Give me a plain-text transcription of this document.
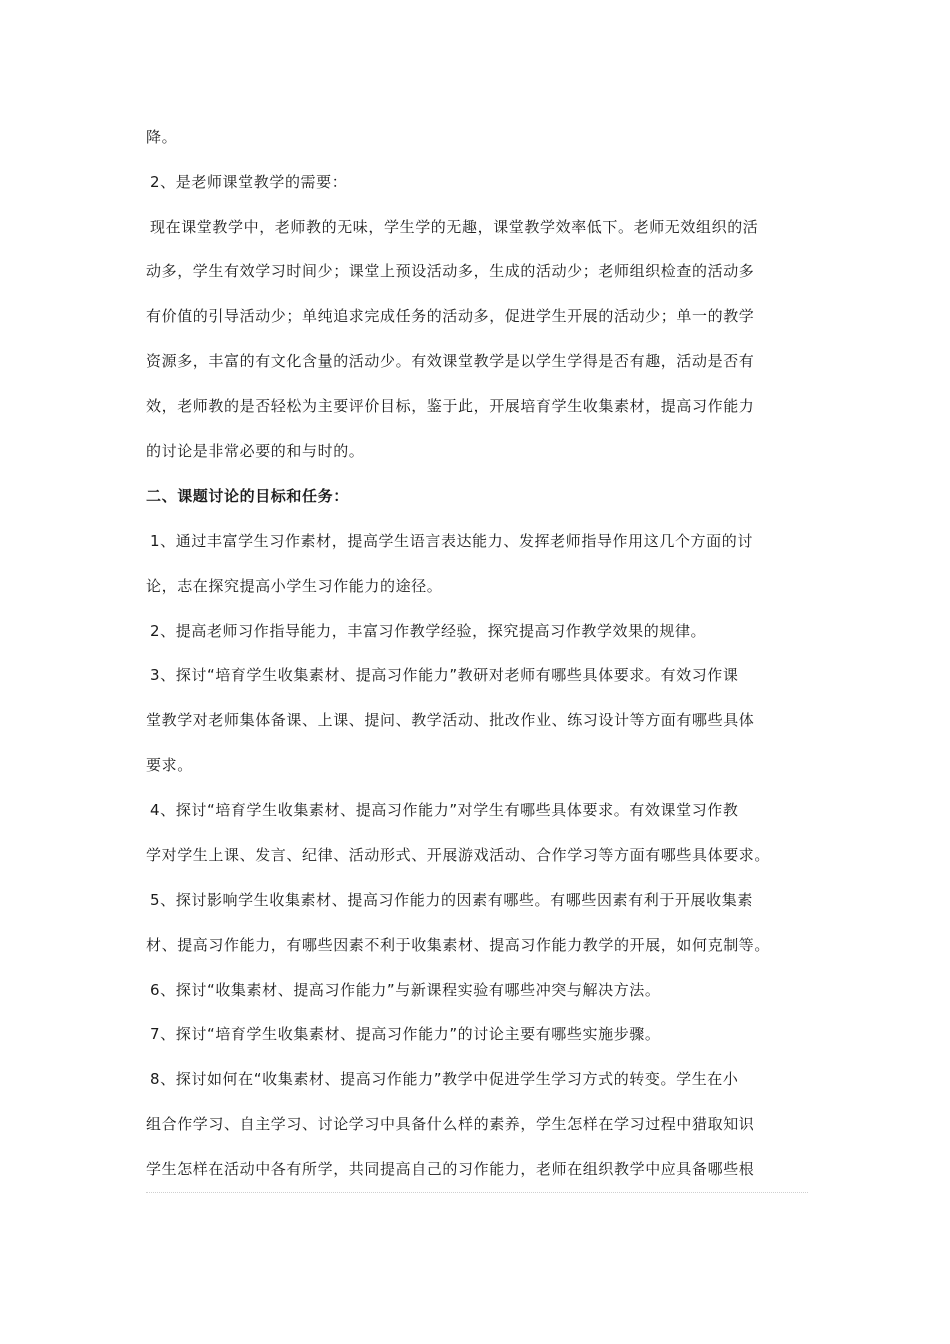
降。
2、是老师课堂教学的需要：
现在课堂教学中，老师教的无味，学生学的无趣，课堂教学效率低下。老师无效组织的活
动多，学生有效学习时间少；课堂上预设活动多，生成的活动少；老师组织检查的活动多
有价值的引导活动少；单纯追求完成任务的活动多，促进学生开展的活动少；单一的教学
资源多，丰富的有文化含量的活动少。有效课堂教学是以学生学得是否有趣，活动是否有
效，老师教的是否轻松为主要评价目标，鉴于此，开展培育学生收集素材，提高习作能力
的讨论是非常必要的和与时的。
二、课题讨论的目标和任务：
1、通过丰富学生习作素材，提高学生语言表达能力、发挥老师指导作用这几个方面的讨
论，志在探究提高小学生习作能力的途径。
2、提高老师习作指导能力，丰富习作教学经验，探究提高习作教学效果的规律。
3、探讨“培育学生收集素材、提高习作能力”教研对老师有哪些具体要求。有效习作课
堂教学对老师集体备课、上课、提问、教学活动、批改作业、练习设计等方面有哪些具体
要求。
4、探讨“培育学生收集素材、提高习作能力”对学生有哪些具体要求。有效课堂习作教
学对学生上课、发言、纪律、活动形式、开展游戏活动、合作学习等方面有哪些具体要求。
5、探讨影响学生收集素材、提高习作能力的因素有哪些。有哪些因素有利于开展收集素
材、提高习作能力，有哪些因素不利于收集素材、提高习作能力教学的开展，如何克制等。
6、探讨“收集素材、提高习作能力”与新课程实验有哪些冲突与解决方法。
7、探讨“培育学生收集素材、提高习作能力”的讨论主要有哪些实施步骤。
8、探讨如何在“收集素材、提高习作能力”教学中促进学生学习方式的转变。学生在小
组合作学习、自主学习、讨论学习中具备什么样的素养，学生怎样在学习过程中猎取知识
学生怎样在活动中各有所学，共同提高自己的习作能力，老师在组织教学中应具备哪些根
